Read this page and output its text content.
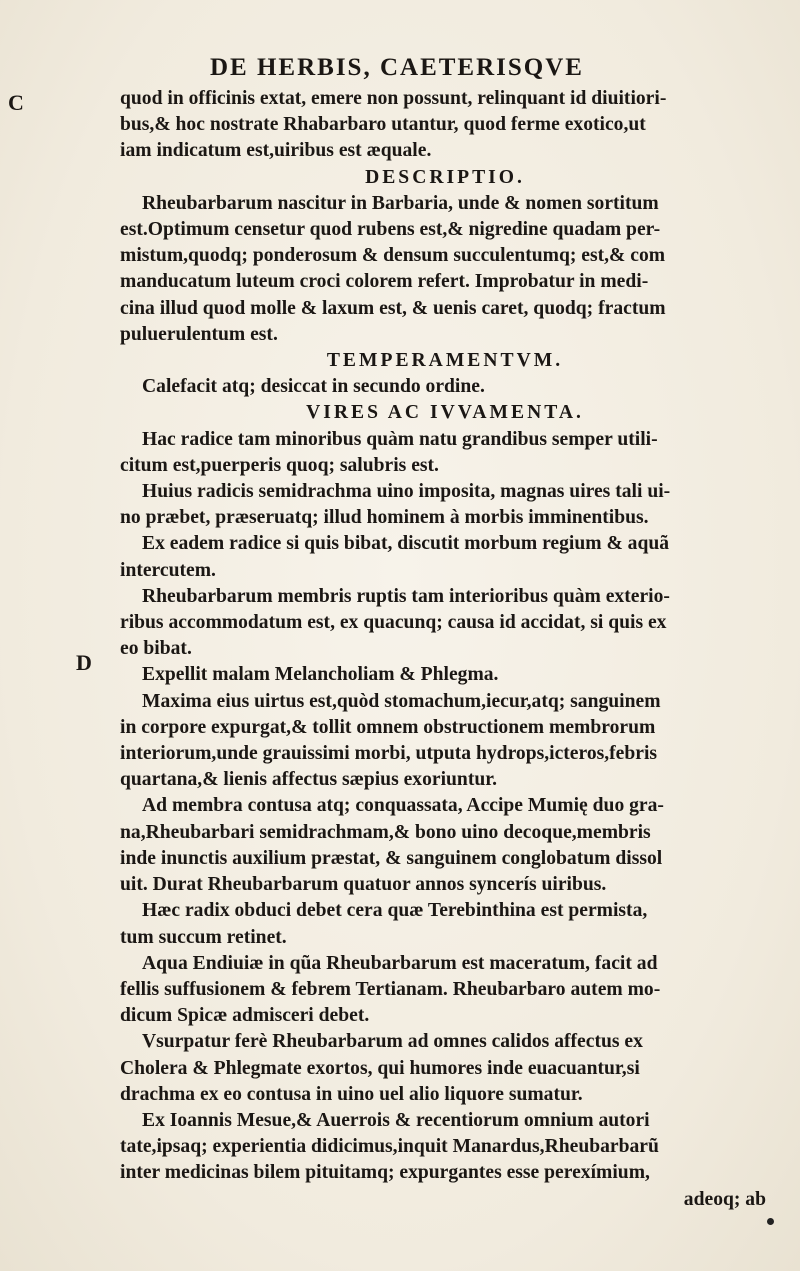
DE HERBIS, CAETERISQVE
C
D
quod in officinis extat, emere non possunt, relinquant id diuitiori-
bus,& hoc nostrate Rhabarbaro utantur, quod ferme exotico,ut
iam indicatum est,uiribus est æquale.
DESCRIPTIO.
Rheubarbarum nascitur in Barbaria, unde & nomen sortitum
est.Optimum censetur quod rubens est,& nigredine quadam per-
mistum,quodq; ponderosum & densum succulentumq; est,& com
manducatum luteum croci colorem refert. Improbatur in medi-
cina illud quod molle & laxum est, & uenis caret, quodq; fractum
puluerulentum est.
TEMPERAMENTVM.
Calefacit atq; desiccat in secundo ordine.
VIRES AC IVVAMENTA.
Hac radice tam minoribus quàm natu grandibus semper utili-
citum est,puerperis quoq; salubris est.
Huius radicis semidrachma uino imposita, magnas uires tali ui-
no præbet, præseruatq; illud hominem à morbis imminentibus.
Ex eadem radice si quis bibat, discutit morbum regium & aquã
intercutem.
Rheubarbarum membris ruptis tam interioribus quàm exterio-
ribus accommodatum est, ex quacunq; causa id accidat, si quis ex
eo bibat.
Expellit malam Melancholiam & Phlegma.
Maxima eius uirtus est,quòd stomachum,iecur,atq; sanguinem
in corpore expurgat,& tollit omnem obstructionem membrorum
interiorum,unde grauissimi morbi, utputa hydrops,icteros,febris
quartana,& lienis affectus sæpius exoriuntur.
Ad membra contusa atq; conquassata, Accipe Mumię duo gra-
na,Rheubarbari semidrachmam,& bono uino decoque,membris
inde inunctis auxilium præstat, & sanguinem conglobatum dissol
uit. Durat Rheubarbarum quatuor annos syncerís uiribus.
Hæc radix obduci debet cera quæ Terebinthina est permista,
tum succum retinet.
Aqua Endiuiæ in qũa Rheubarbarum est maceratum, facit ad
fellis suffusionem & febrem Tertianam. Rheubarbaro autem mo-
dicum Spicæ admisceri debet.
Vsurpatur ferè Rheubarbarum ad omnes calidos affectus ex
Cholera & Phlegmate exortos, qui humores inde euacuantur,si
drachma ex eo contusa in uino uel alio liquore sumatur.
Ex Ioannis Mesue,& Auerrois & recentiorum omnium autori
tate,ipsaq; experientia didicimus,inquit Manardus,Rheubarbarũ
inter medicinas bilem pituitamq; expurgantes esse perexímium,
adeoq; ab
